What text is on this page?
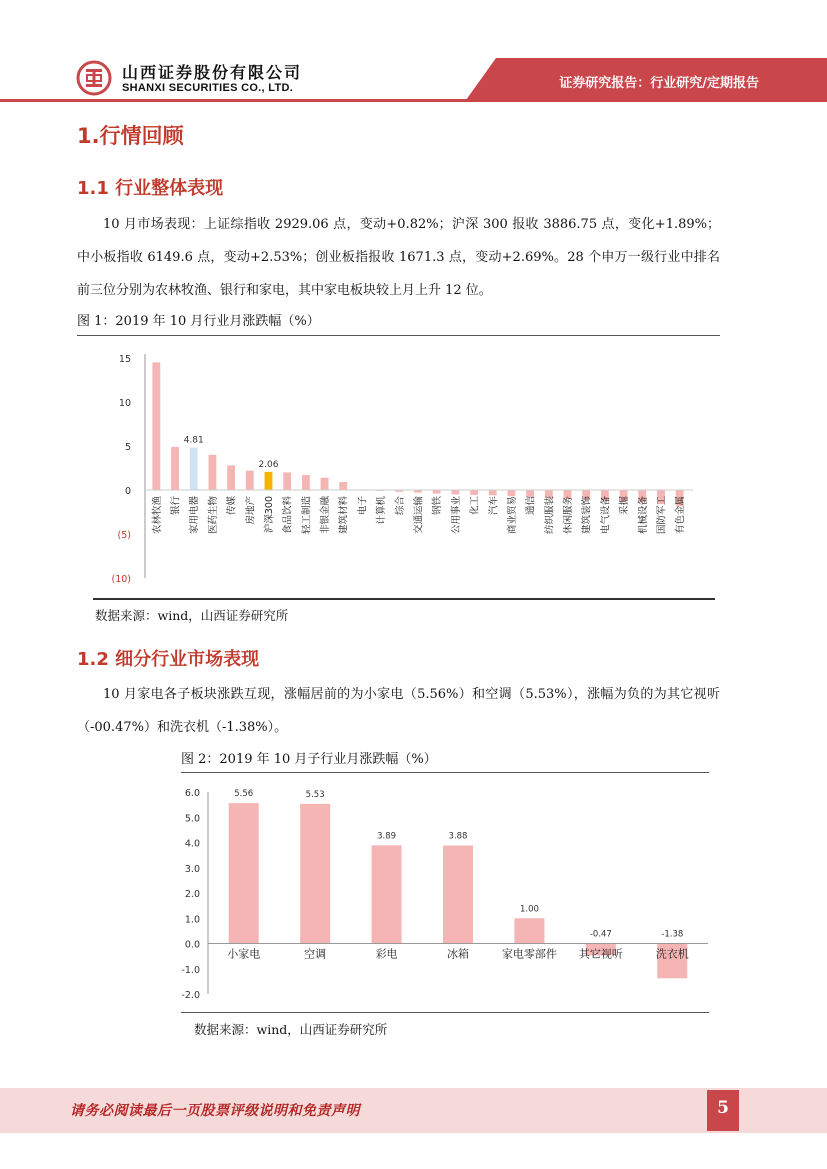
山西证券股份有限公司
SHANXI SECURITIES CO., LTD.	证券研究报告：行业研究/定期报告
1.行情回顾
1.1 行业整体表现
10 月市场表现：上证综指收 2929.06 点，变动+0.82%；沪深 300 报收 3886.75 点，变化+1.89%；中小板指收 6149.6 点，变动+2.53%；创业板指报收 1671.3 点，变动+2.69%。28 个申万一级行业中排名前三位分别为农林牧渔、银行和家电，其中家电板块较上月上升 12 位。
图 1：2019 年 10 月行业月涨跌幅（%）
15
10
5
0
(5)
(10)
农林牧渔 银行
4.81
家用电器 医药生物 传媒 房地产
2.06
沪深300 食品饮料 轻工制造 非银金融 建筑材料 电子 计算机 综合 交通运输 钢铁 公用事业 化工 汽车 商业贸易 通信 纺织服装 休闲服务 建筑装饰 电气设备 采掘 机械设备 国防军工 有色金属
数据来源：wind，山西证券研究所
1.2 细分行业市场表现
10 月家电各子板块涨跌互现，涨幅居前的为小家电（5.56%）和空调（5.53%），涨幅为负的为其它视听（-00.47%）和洗衣机（-1.38%）。
图 2：2019 年 10 月子行业月涨跌幅（%）
6.0
5.0
4.0
3.0
2.0
1.0
0.0
-1.0
-2.0
5.56
小家电
5.53
空调
3.89
彩电
3.88
冰箱
1.00
家电零部件
-0.47
其它视听
-1.38
洗衣机
数据来源：wind，山西证券研究所
请务必阅读最后一页股票评级说明和免责声明	5
